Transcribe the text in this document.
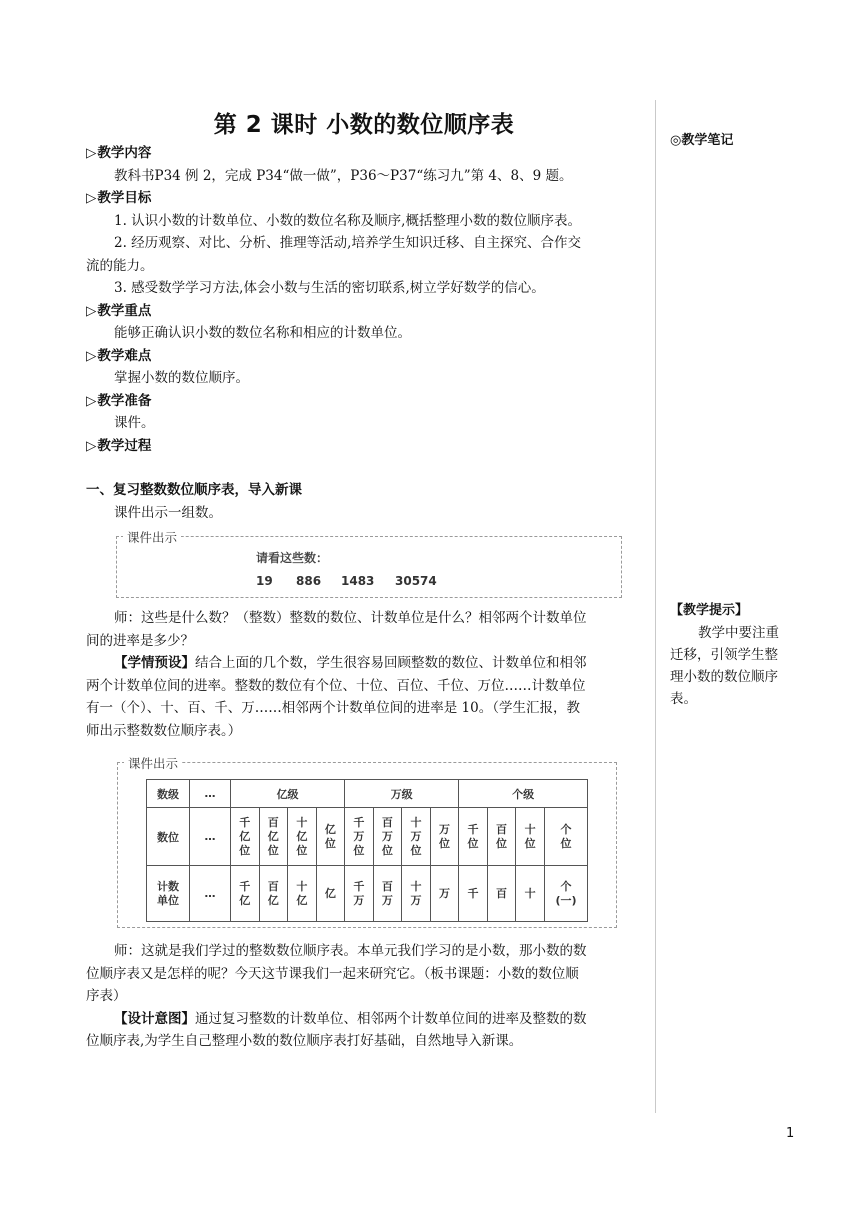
第 2 课时 小数的数位顺序表
▷教学内容

教科书P34 例 2，完成 P34“做一做”，P36～P37“练习九”第 4、8、9 题。

▷教学目标

1. 认识小数的计数单位、小数的数位名称及顺序,概括整理小数的数位顺序表。

2. 经历观察、对比、分析、推理等活动,培养学生知识迁移、自主探究、合作交

流的能力。

3. 感受数学学习方法,体会小数与生活的密切联系,树立学好数学的信心。

▷教学重点

能够正确认识小数的数位名称和相应的计数单位。

▷教学难点

掌握小数的数位顺序。

▷教学准备

课件。

▷教学过程
一、复习整数数位顺序表，导入新课

课件出示一组数。

课件出示
请看这些数：
19 886 1483 30574

师：这些是什么数？（整数）整数的数位、计数单位是什么？相邻两个计数单位

间的进率是多少？

【学情预设】结合上面的几个数，学生很容易回顾整数的数位、计数单位和相邻

两个计数单位间的进率。整数的数位有个位、十位、百位、千位、万位……计数单位

有一（个）、十、百、千、万……相邻两个计数单位间的进率是 10。（学生汇报，教

师出示整数数位顺序表。）

课件出示
数级	…	亿级				万级				个级			
数位	…	千
亿
位	百
亿
位	十
亿
位	亿
位	千
万
位	百
万
位	十
万
位	万
位	千
位	百
位	十
位	个
位
计数
单位	…	千
亿	百
亿	十
亿	亿	千
万	百
万	十
万	万	千	百	十	个
(一)

师：这就是我们学过的整数数位顺序表。本单元我们学习的是小数，那小数的数

位顺序表又是怎样的呢？今天这节课我们一起来研究它。（板书课题：小数的数位顺

序表）

【设计意图】通过复习整数的计数单位、相邻两个计数单位间的进率及整数的数

位顺序表,为学生自己整理小数的数位顺序表打好基础，自然地导入新课。

◎教学笔记

【教学提示】

教学中要注重

迁移，引领学生整

理小数的数位顺序

表。

1
